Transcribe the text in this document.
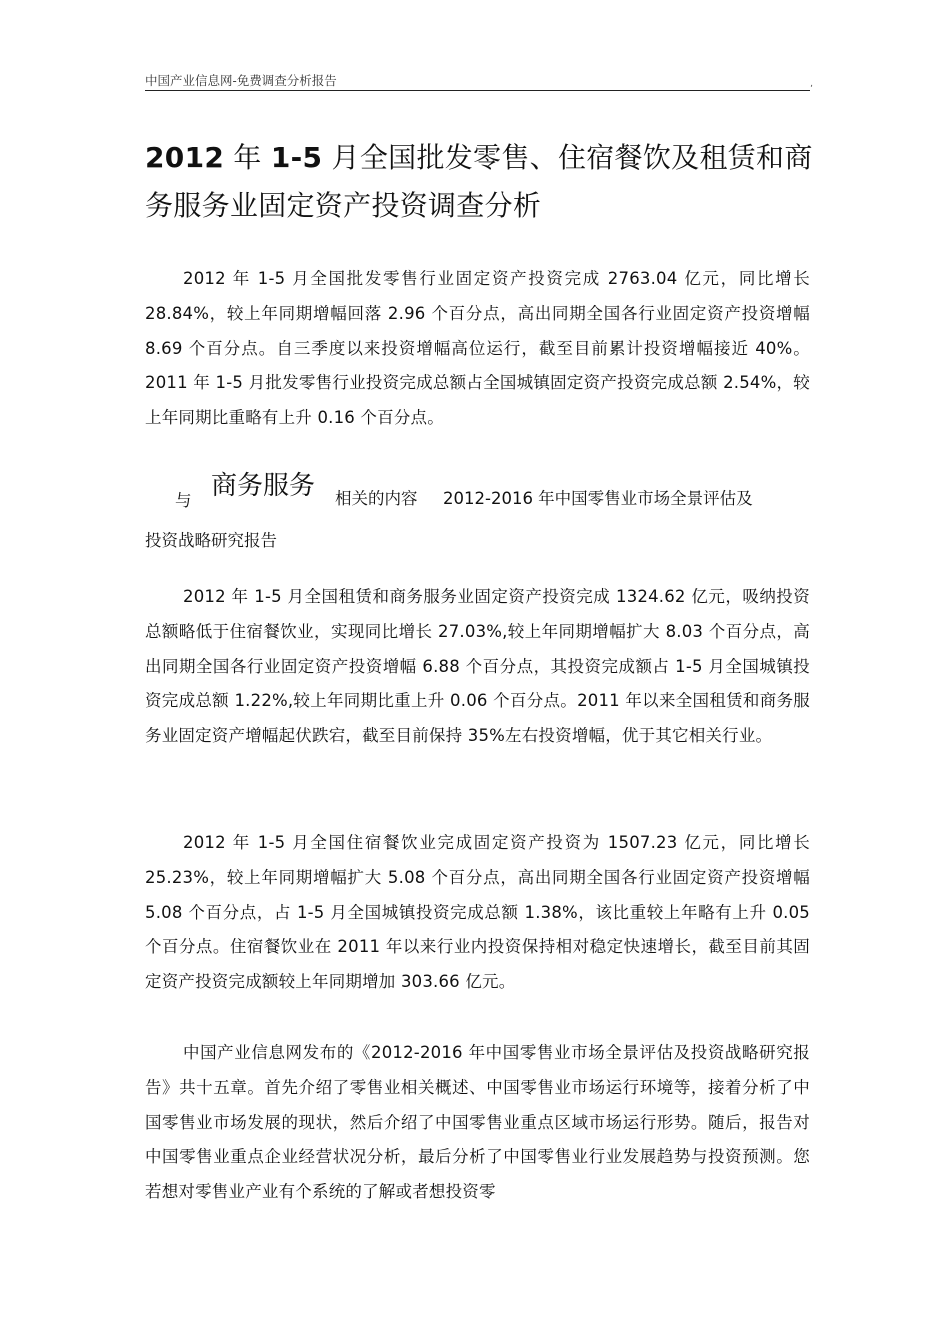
中国产业信息网-免费调查分析报告	,
2012 年 1-5 月全国批发零售、住宿餐饮及租赁和商务服务业固定资产投资调查分析

2012 年 1-5 月全国批发零售行业固定资产投资完成 2763.04 亿元，同比增长 28.84%，较上年同期增幅回落 2.96 个百分点，高出同期全国各行业固定资产投资增幅 8.69 个百分点。自三季度以来投资增幅高位运行，截至目前累计投资增幅接近 40%。2011 年 1-5 月批发零售行业投资完成总额占全国城镇固定资产投资完成总额 2.54%，较上年同期比重略有上升 0.16 个百分点。

与 商务服务 相关的内容 2012-2016 年中国零售业市场全景评估及
投资战略研究报告

2012 年 1-5 月全国租赁和商务服务业固定资产投资完成 1324.62 亿元，吸纳投资总额略低于住宿餐饮业，实现同比增长 27.03%,较上年同期增幅扩大 8.03 个百分点，高出同期全国各行业固定资产投资增幅 6.88 个百分点，其投资完成额占 1-5 月全国城镇投资完成总额 1.22%,较上年同期比重上升 0.06 个百分点。2011 年以来全国租赁和商务服务业固定资产增幅起伏跌宕，截至目前保持 35%左右投资增幅，优于其它相关行业。

2012 年 1-5 月全国住宿餐饮业完成固定资产投资为 1507.23 亿元，同比增长 25.23%，较上年同期增幅扩大 5.08 个百分点，高出同期全国各行业固定资产投资增幅 5.08 个百分点，占 1-5 月全国城镇投资完成总额 1.38%，该比重较上年略有上升 0.05 个百分点。住宿餐饮业在 2011 年以来行业内投资保持相对稳定快速增长，截至目前其固定资产投资完成额较上年同期增加 303.66 亿元。

中国产业信息网发布的《2012-2016 年中国零售业市场全景评估及投资战略研究报告》共十五章。首先介绍了零售业相关概述、中国零售业市场运行环境等，接着分析了中国零售业市场发展的现状，然后介绍了中国零售业重点区域市场运行形势。随后，报告对中国零售业重点企业经营状况分析，最后分析了中国零售业行业发展趋势与投资预测。您若想对零售业产业有个系统的了解或者想投资零
